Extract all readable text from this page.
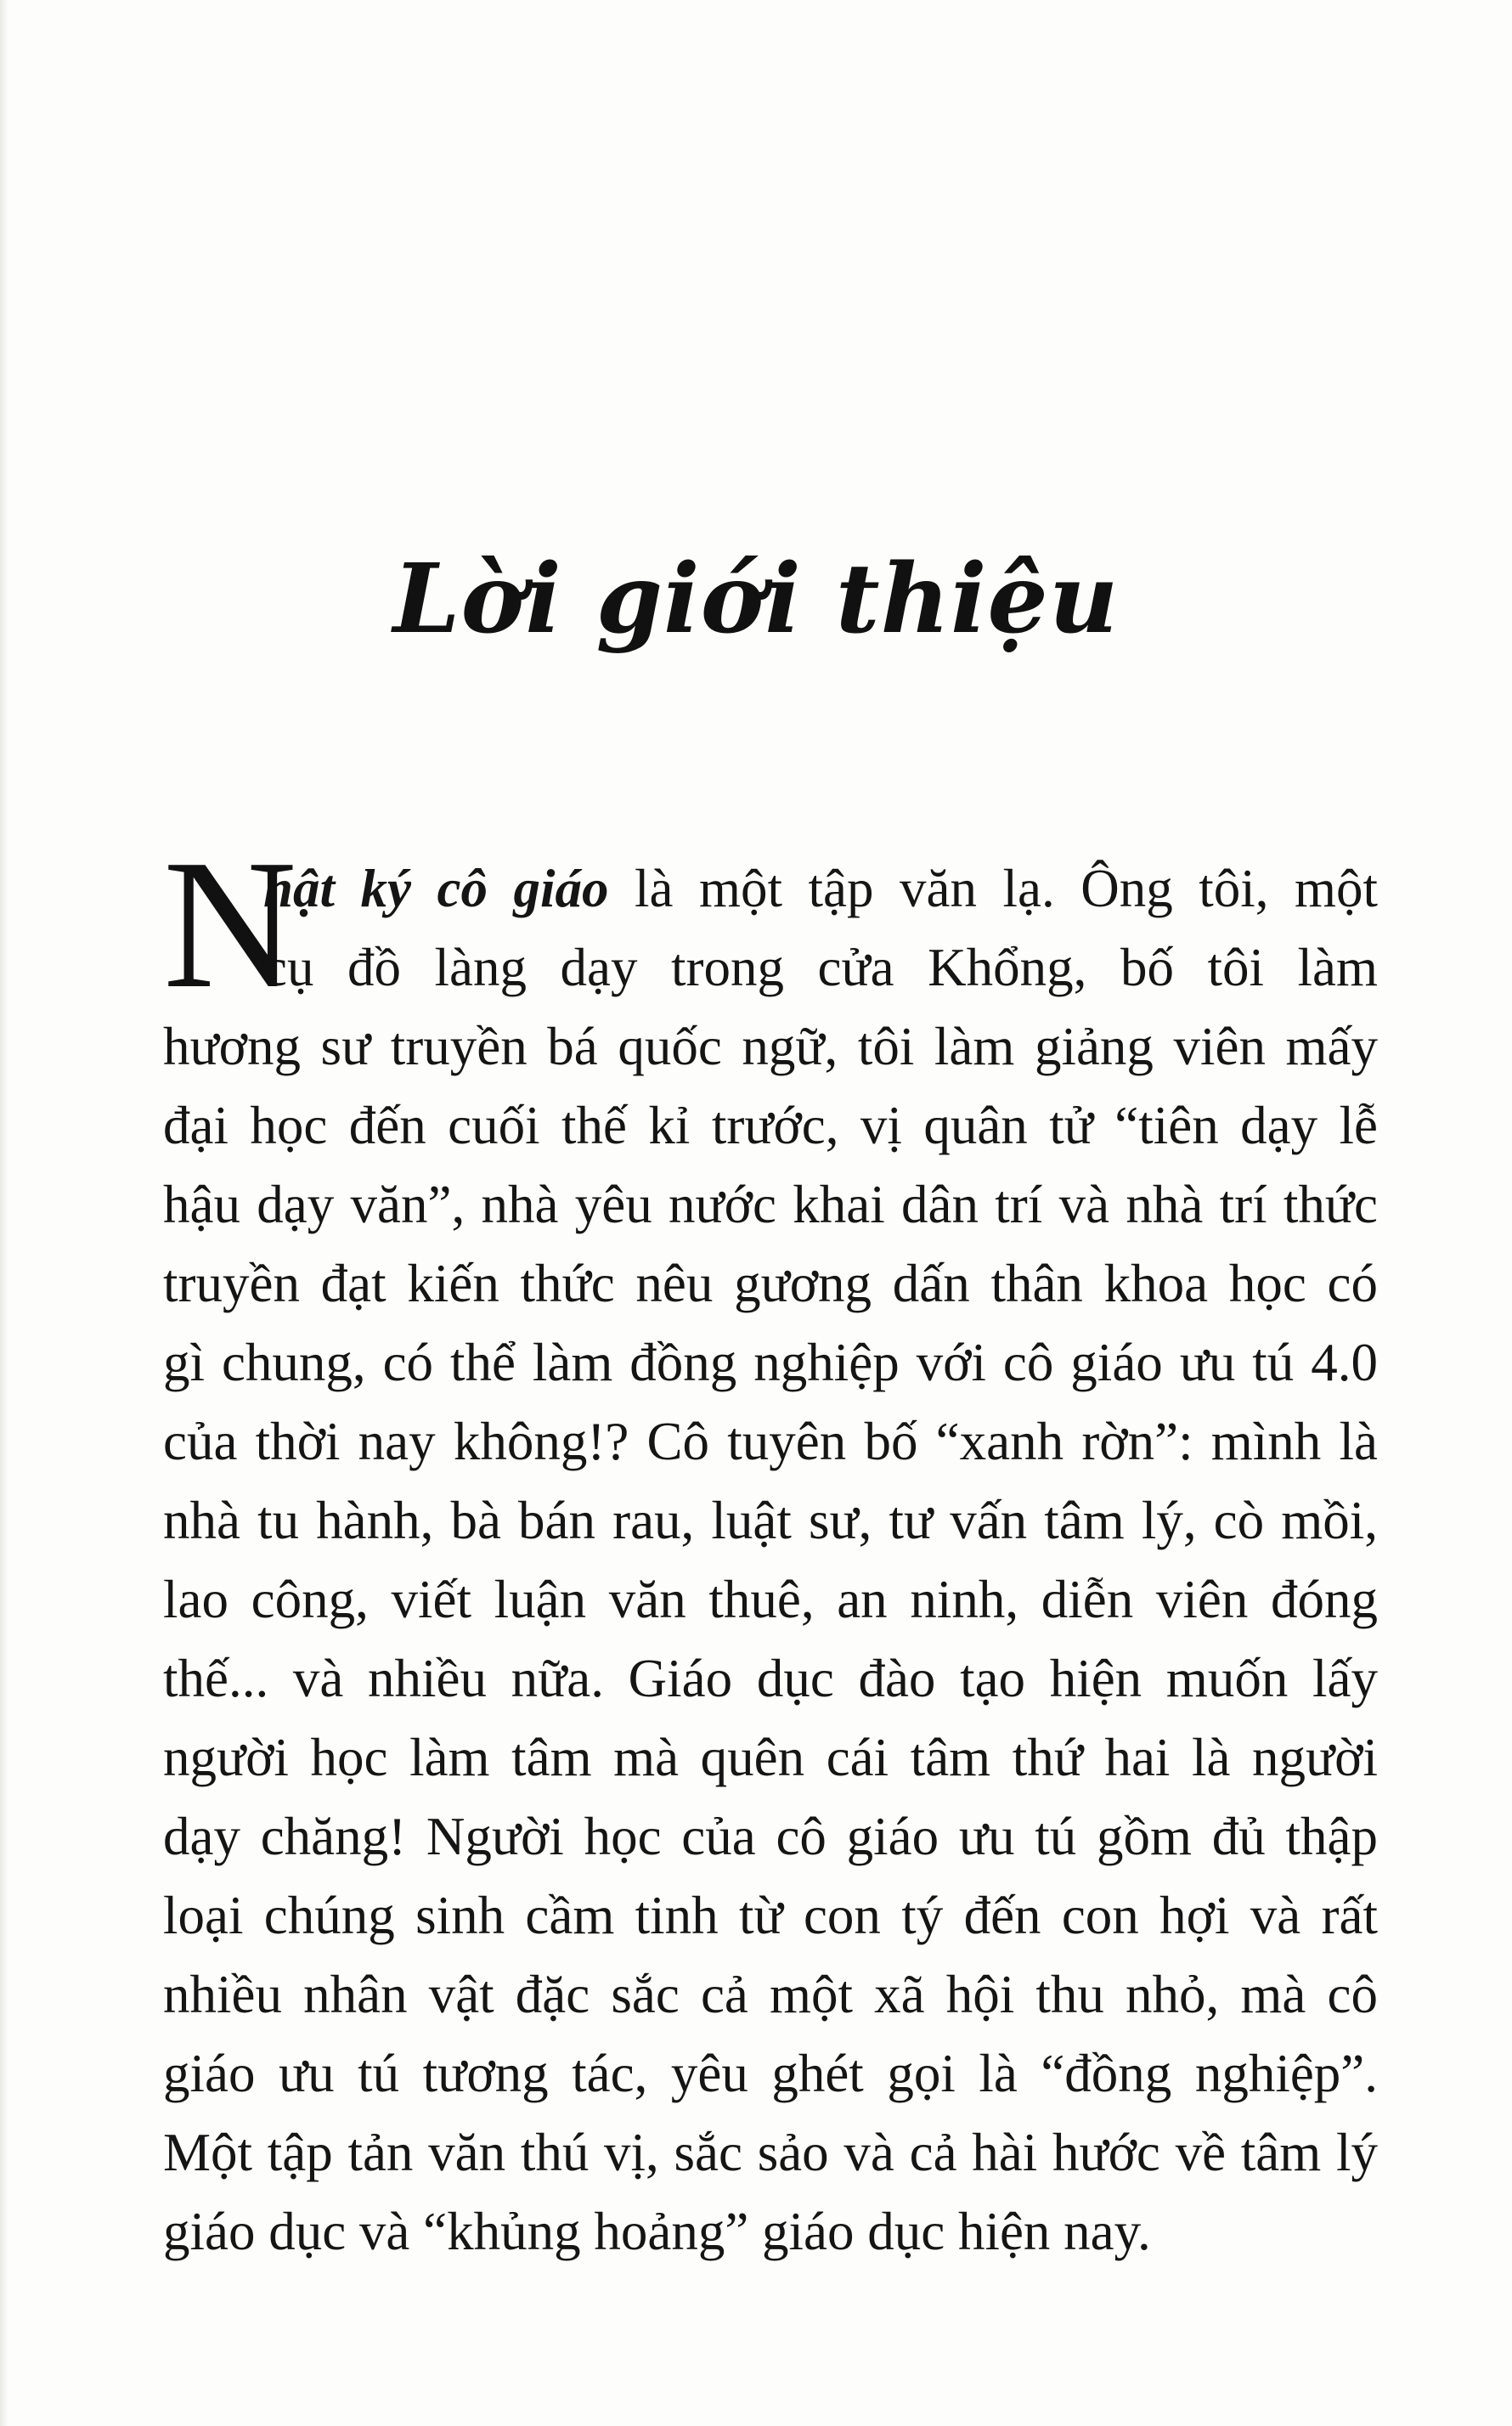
Lời giới thiệu
N
hật ký cô giáo là một tập văn lạ. Ông tôi, một
cụ đồ làng dạy trong cửa Khổng, bố tôi làm
hương sư truyền bá quốc ngữ, tôi làm giảng viên mấy
đại học đến cuối thế kỉ trước, vị quân tử “tiên dạy lễ
hậu dạy văn”, nhà yêu nước khai dân trí và nhà trí thức
truyền đạt kiến thức nêu gương dấn thân khoa học có
gì chung, có thể làm đồng nghiệp với cô giáo ưu tú 4.0
của thời nay không!? Cô tuyên bố “xanh rờn”: mình là
nhà tu hành, bà bán rau, luật sư, tư vấn tâm lý, cò mồi,
lao công, viết luận văn thuê, an ninh, diễn viên đóng
thế... và nhiều nữa. Giáo dục đào tạo hiện muốn lấy
người học làm tâm mà quên cái tâm thứ hai là người
dạy chăng! Người học của cô giáo ưu tú gồm đủ thập
loại chúng sinh cầm tinh từ con tý đến con hợi và rất
nhiều nhân vật đặc sắc cả một xã hội thu nhỏ, mà cô
giáo ưu tú tương tác, yêu ghét gọi là “đồng nghiệp”.
Một tập tản văn thú vị, sắc sảo và cả hài hước về tâm lý
giáo dục và “khủng hoảng” giáo dục hiện nay.
